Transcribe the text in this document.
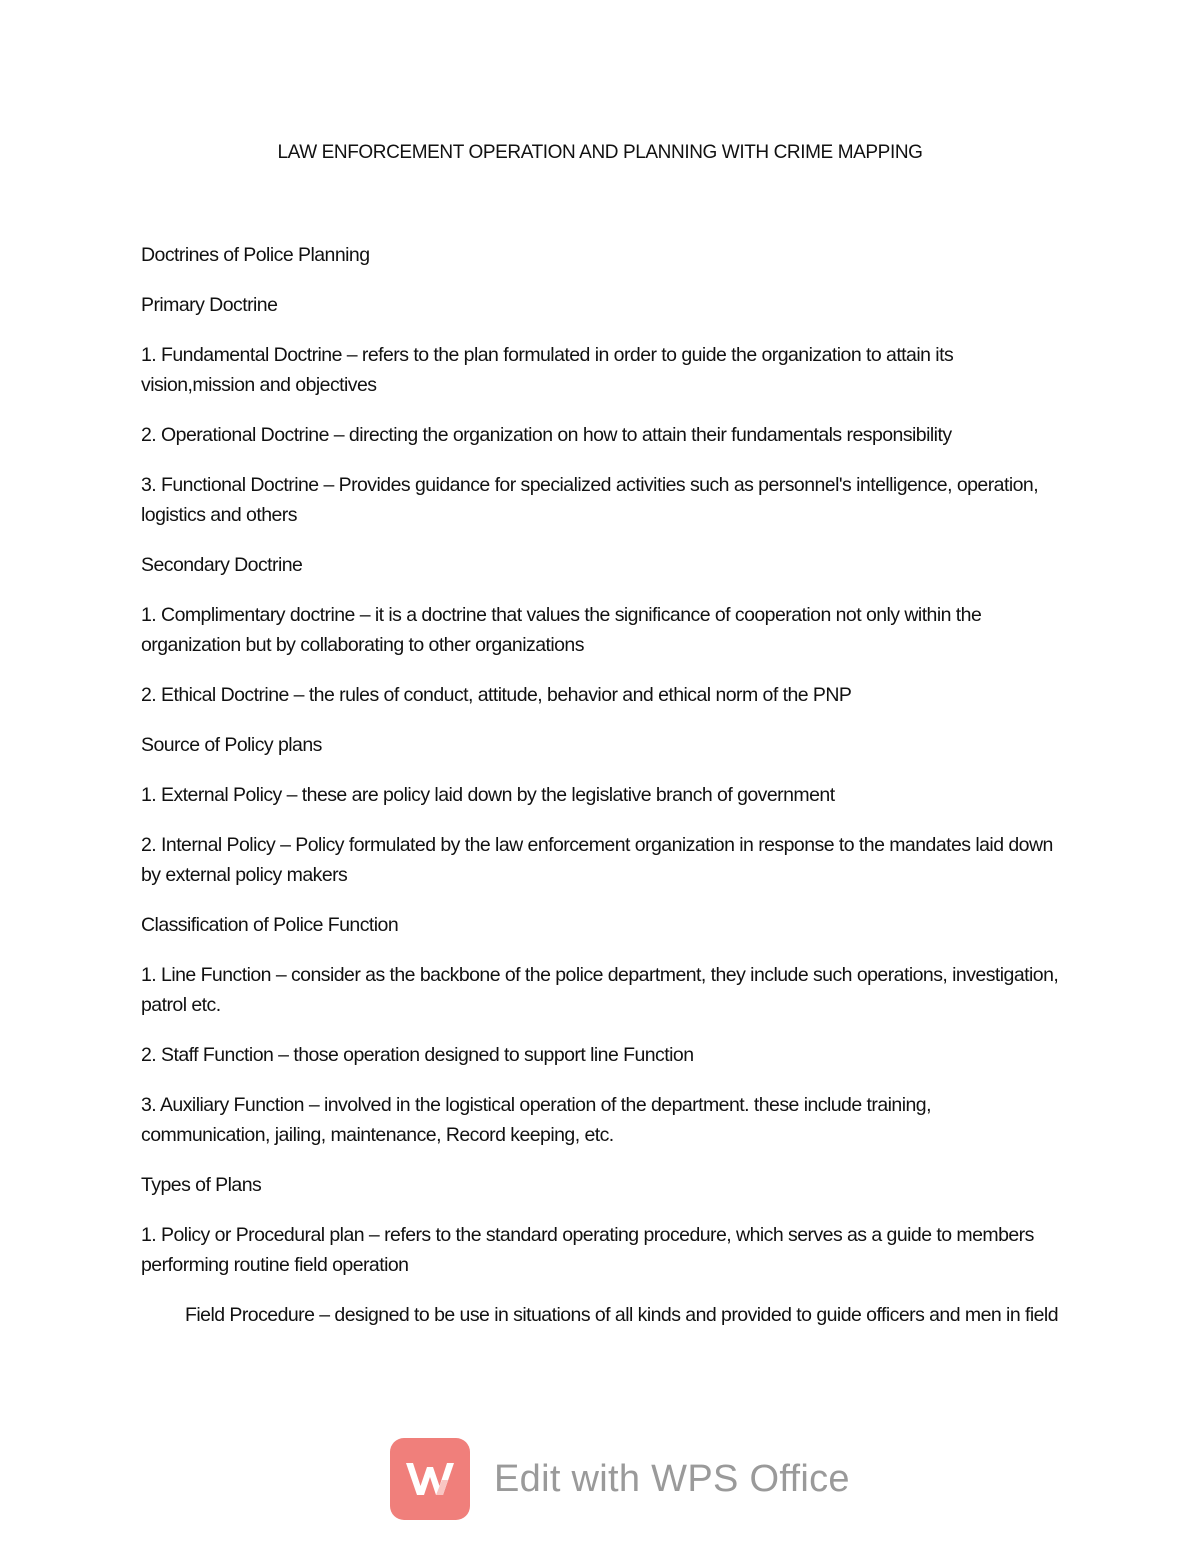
LAW ENFORCEMENT OPERATION AND PLANNING WITH CRIME MAPPING

Doctrines of Police Planning

Primary Doctrine

1. Fundamental Doctrine – refers to the plan formulated in order to guide the organization to attain its vision,mission and objectives

2. Operational Doctrine – directing the organization on how to attain their fundamentals responsibility

3. Functional Doctrine – Provides guidance for specialized activities such as personnel's intelligence, operation, logistics and others

Secondary Doctrine

1. Complimentary doctrine – it is a doctrine that values the significance of cooperation not only within the organization but by collaborating to other organizations

2. Ethical Doctrine – the rules of conduct, attitude, behavior and ethical norm of the PNP

Source of Policy plans

1. External Policy – these are policy laid down by the legislative branch of government

2. Internal Policy – Policy formulated by the law enforcement organization in response to the mandates laid down by external policy makers

Classification of Police Function

1. Line Function – consider as the backbone of the police department, they include such operations, investigation, patrol etc.

2. Staff Function – those operation designed to support line Function

3. Auxiliary Function – involved in the logistical operation of the department. these include training, communication, jailing, maintenance, Record keeping, etc.

Types of Plans

1. Policy or Procedural plan – refers to the standard operating procedure, which serves as a guide to members performing routine field operation

Field Procedure – designed to be use in situations of all kinds and provided to guide officers and men in field

Edit with WPS Office
